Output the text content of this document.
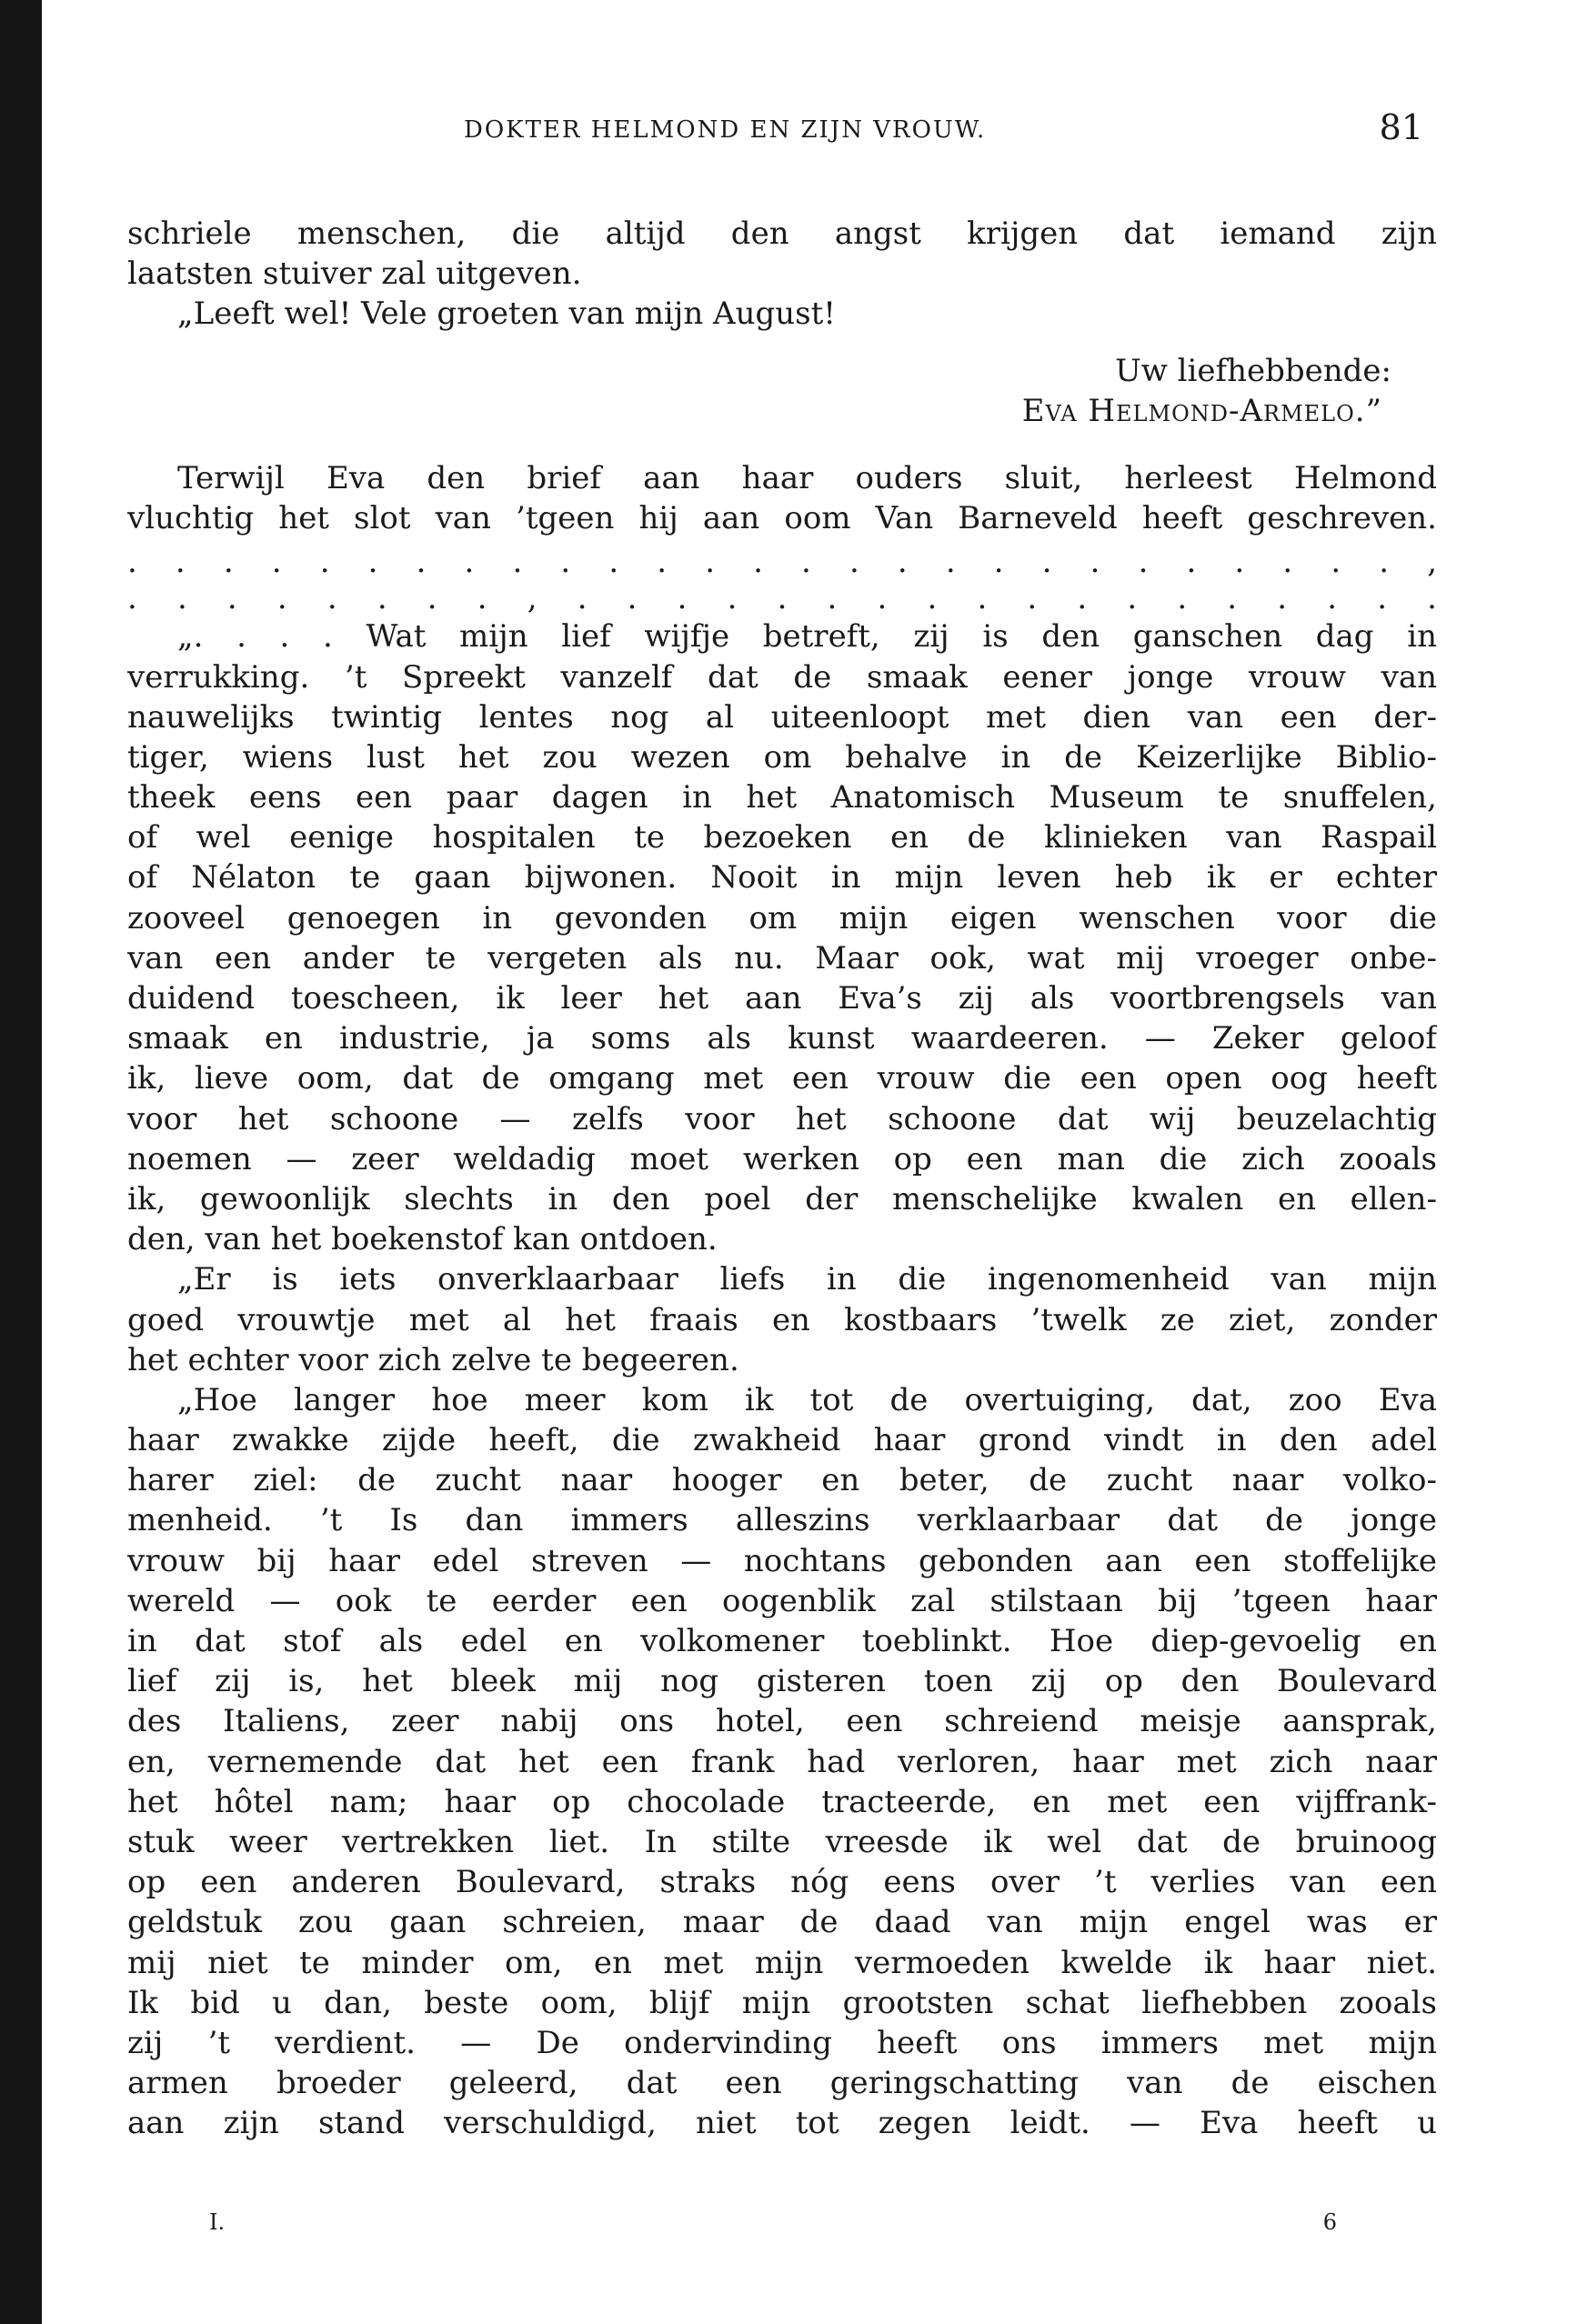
DOKTER HELMOND EN ZIJN VROUW.	81
schriele menschen, die altijd den angst krijgen dat iemand zijn
laatsten stuiver zal uitgeven.
„Leeft wel! Vele groeten van mijn August!
Uw liefhebbende:
Eva Helmond-Armelo.”
Terwijl Eva den brief aan haar ouders sluit, herleest Helmond
vluchtig het slot van ’tgeen hij aan oom Van Barneveld heeft geschreven.
. . . . . . . . . . . . . . . . . . . . . . . . . . . ,
. . . . . . . . , . . . . . . . . . . . . . . . . . .
„. . . . Wat mijn lief wijfje betreft, zij is den ganschen dag in
verrukking. ’t Spreekt vanzelf dat de smaak eener jonge vrouw van
nauwelijks twintig lentes nog al uiteenloopt met dien van een der-
tiger, wiens lust het zou wezen om behalve in de Keizerlijke Biblio-
theek eens een paar dagen in het Anatomisch Museum te snuffelen,
of wel eenige hospitalen te bezoeken en de klinieken van Raspail
of Nélaton te gaan bijwonen. Nooit in mijn leven heb ik er echter
zooveel genoegen in gevonden om mijn eigen wenschen voor die
van een ander te vergeten als nu. Maar ook, wat mij vroeger onbe-
duidend toescheen, ik leer het aan Eva’s zij als voortbrengsels van
smaak en industrie, ja soms als kunst waardeeren. — Zeker geloof
ik, lieve oom, dat de omgang met een vrouw die een open oog heeft
voor het schoone — zelfs voor het schoone dat wij beuzelachtig
noemen — zeer weldadig moet werken op een man die zich zooals
ik, gewoonlijk slechts in den poel der menschelijke kwalen en ellen-
den, van het boekenstof kan ontdoen.
„Er is iets onverklaarbaar liefs in die ingenomenheid van mijn
goed vrouwtje met al het fraais en kostbaars ’twelk ze ziet, zonder
het echter voor zich zelve te begeeren.
„Hoe langer hoe meer kom ik tot de overtuiging, dat, zoo Eva
haar zwakke zijde heeft, die zwakheid haar grond vindt in den adel
harer ziel: de zucht naar hooger en beter, de zucht naar volko-
menheid. ’t Is dan immers alleszins verklaarbaar dat de jonge
vrouw bij haar edel streven — nochtans gebonden aan een stoffelijke
wereld — ook te eerder een oogenblik zal stilstaan bij ’tgeen haar
in dat stof als edel en volkomener toeblinkt. Hoe diep-gevoelig en
lief zij is, het bleek mij nog gisteren toen zij op den Boulevard
des Italiens, zeer nabij ons hotel, een schreiend meisje aansprak,
en, vernemende dat het een frank had verloren, haar met zich naar
het hôtel nam; haar op chocolade tracteerde, en met een vijffrank-
stuk weer vertrekken liet. In stilte vreesde ik wel dat de bruinoog
op een anderen Boulevard, straks nóg eens over ’t verlies van een
geldstuk zou gaan schreien, maar de daad van mijn engel was er
mij niet te minder om, en met mijn vermoeden kwelde ik haar niet.
Ik bid u dan, beste oom, blijf mijn grootsten schat liefhebben zooals
zij ’t verdient. — De ondervinding heeft ons immers met mijn
armen broeder geleerd, dat een geringschatting van de eischen
aan zijn stand verschuldigd, niet tot zegen leidt. — Eva heeft u
I.	6
